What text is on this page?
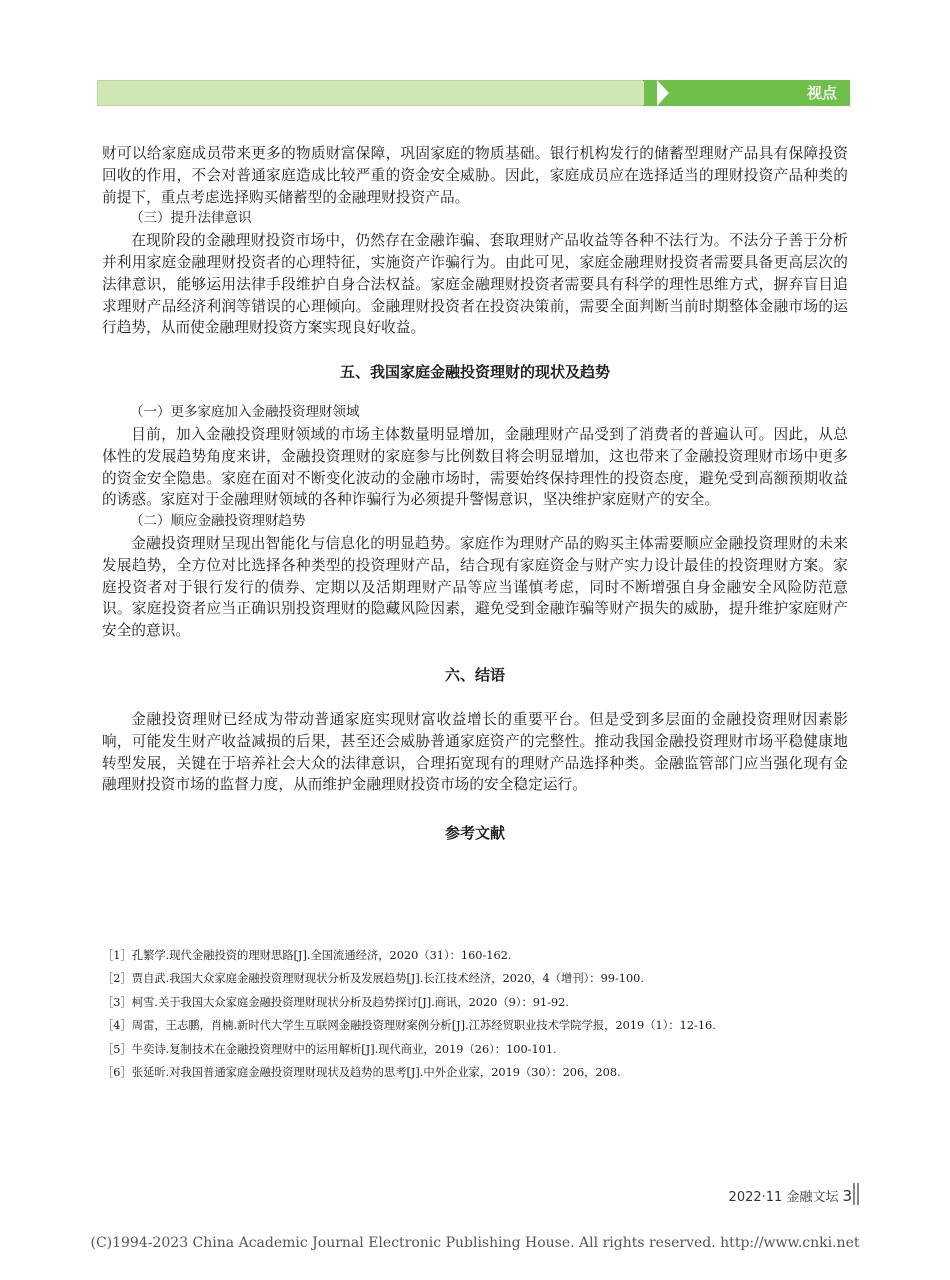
视点

财可以给家庭成员带来更多的物质财富保障，巩固家庭的物质基础。银行机构发行的储蓄型理财产品具有保障投资回收的作用，不会对普通家庭造成比较严重的资金安全威胁。因此，家庭成员应在选择适当的理财投资产品种类的前提下，重点考虑选择购买储蓄型的金融理财投资产品。

（三）提升法律意识

在现阶段的金融理财投资市场中，仍然存在金融诈骗、套取理财产品收益等各种不法行为。不法分子善于分析并利用家庭金融理财投资者的心理特征，实施资产诈骗行为。由此可见，家庭金融理财投资者需要具备更高层次的法律意识，能够运用法律手段维护自身合法权益。家庭金融理财投资者需要具有科学的理性思维方式，摒弃盲目追求理财产品经济利润等错误的心理倾向。金融理财投资者在投资决策前，需要全面判断当前时期整体金融市场的运行趋势，从而使金融理财投资方案实现良好收益。

五、我国家庭金融投资理财的现状及趋势

（一）更多家庭加入金融投资理财领域

目前，加入金融投资理财领域的市场主体数量明显增加，金融理财产品受到了消费者的普遍认可。因此，从总体性的发展趋势角度来讲，金融投资理财的家庭参与比例数目将会明显增加，这也带来了金融投资理财市场中更多的资金安全隐患。家庭在面对不断变化波动的金融市场时，需要始终保持理性的投资态度，避免受到高额预期收益的诱惑。家庭对于金融理财领域的各种诈骗行为必须提升警惕意识，坚决维护家庭财产的安全。

（二）顺应金融投资理财趋势

金融投资理财呈现出智能化与信息化的明显趋势。家庭作为理财产品的购买主体需要顺应金融投资理财的未来发展趋势，全方位对比选择各种类型的投资理财产品，结合现有家庭资金与财产实力设计最佳的投资理财方案。家庭投资者对于银行发行的债券、定期以及活期理财产品等应当谨慎考虑，同时不断增强自身金融安全风险防范意识。家庭投资者应当正确识别投资理财的隐藏风险因素，避免受到金融诈骗等财产损失的威胁，提升维护家庭财产安全的意识。

六、结语

金融投资理财已经成为带动普通家庭实现财富收益增长的重要平台。但是受到多层面的金融投资理财因素影响，可能发生财产收益减损的后果，甚至还会威胁普通家庭资产的完整性。推动我国金融投资理财市场平稳健康地转型发展，关键在于培养社会大众的法律意识，合理拓宽现有的理财产品选择种类。金融监管部门应当强化现有金融理财投资市场的监督力度，从而维护金融理财投资市场的安全稳定运行。

参考文献

［1］孔繁学.现代金融投资的理财思路[J].全国流通经济，2020（31）：160-162.

［2］贾自武.我国大众家庭金融投资理财现状分析及发展趋势[J].长江技术经济，2020，4（增刊）：99-100.

［3］柯雪.关于我国大众家庭金融投资理财现状分析及趋势探讨[J].商讯，2020（9）：91-92.

［4］周雷，王志鹏，肖楠.新时代大学生互联网金融投资理财案例分析[J].江苏经贸职业技术学院学报，2019（1）：12-16.

［5］牛奕诗.复制技术在金融投资理财中的运用解析[J].现代商业，2019（26）：100-101.

［6］张延昕.对我国普通家庭金融投资理财现状及趋势的思考[J].中外企业家，2019（30）：206，208.

2022·11 金融文坛 3
(C)1994-2023 China Academic Journal Electronic Publishing House. All rights reserved. http://www.cnki.net
